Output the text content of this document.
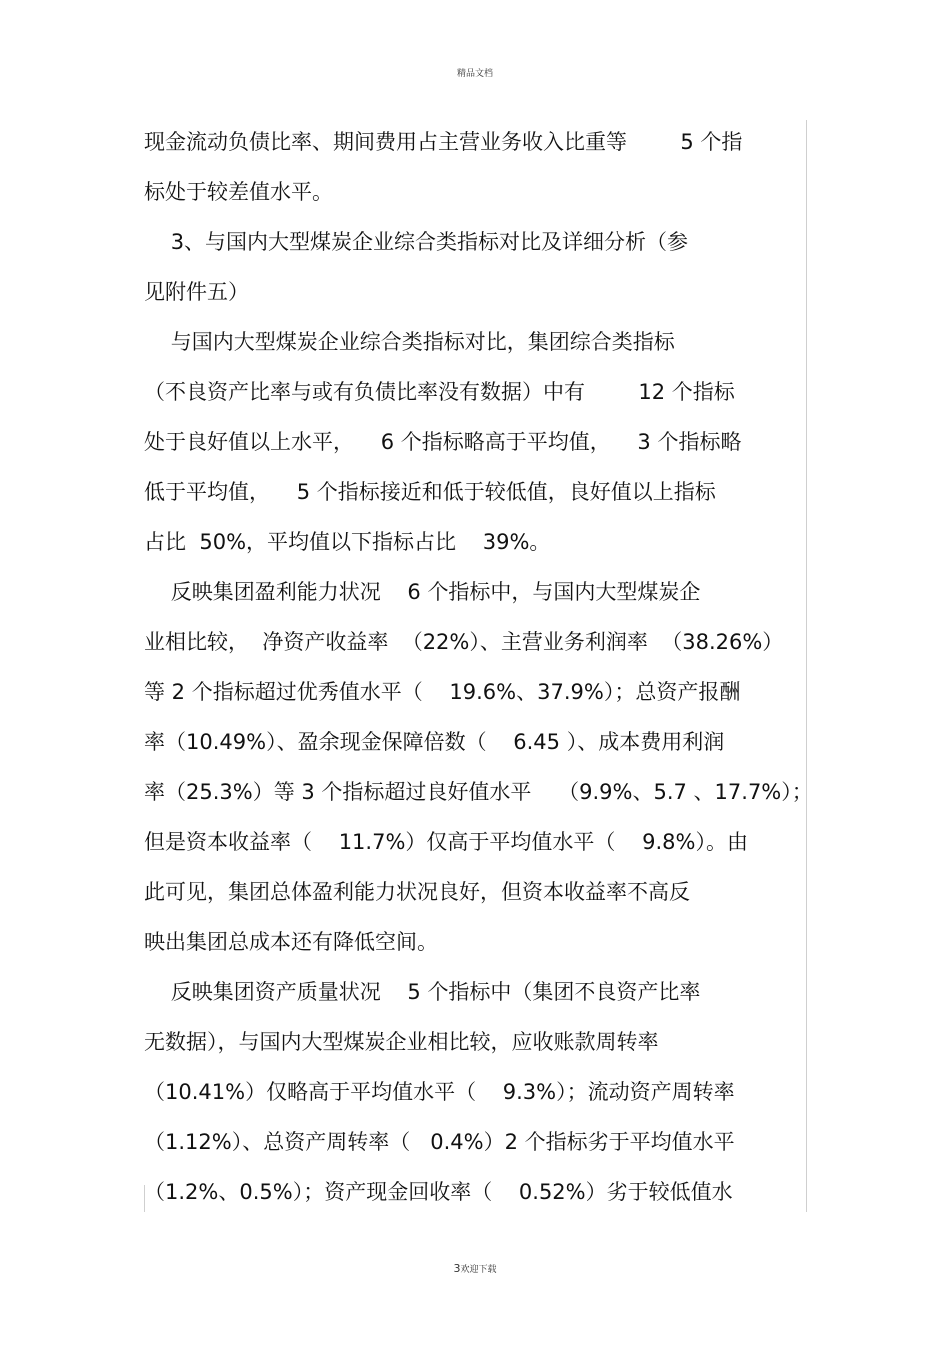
精品文档
现金流动负债比率、期间费用占主营业务收入比重等        5 个指
标处于较差值水平。
3、与国内大型煤炭企业综合类指标对比及详细分析（参
见附件五）
与国内大型煤炭企业综合类指标对比，集团综合类指标
（不良资产比率与或有负债比率没有数据）中有        12 个指标
处于良好值以上水平，    6 个指标略高于平均值，    3 个指标略
低于平均值，    5 个指标接近和低于较低值，良好值以上指标
占比  50%，平均值以下指标占比    39%。
反映集团盈利能力状况    6 个指标中，与国内大型煤炭企
业相比较，  净资产收益率  （22%）、主营业务利润率  （38.26%）
等 2 个指标超过优秀值水平（    19.6%、37.9%）；总资产报酬
率（10.49%）、盈余现金保障倍数（    6.45 ）、成本费用利润
率（25.3%）等 3 个指标超过良好值水平    （9.9%、5.7 、17.7%）；
但是资本收益率（    11.7%）仅高于平均值水平（    9.8%）。由
此可见，集团总体盈利能力状况良好，但资本收益率不高反
映出集团总成本还有降低空间。
反映集团资产质量状况    5 个指标中（集团不良资产比率
无数据），与国内大型煤炭企业相比较，应收账款周转率
（10.41%）仅略高于平均值水平（    9.3%）；流动资产周转率
（1.12%）、总资产周转率（   0.4%）2 个指标劣于平均值水平
（1.2%、0.5%）；资产现金回收率（    0.52%）劣于较低值水
3欢迎下载
